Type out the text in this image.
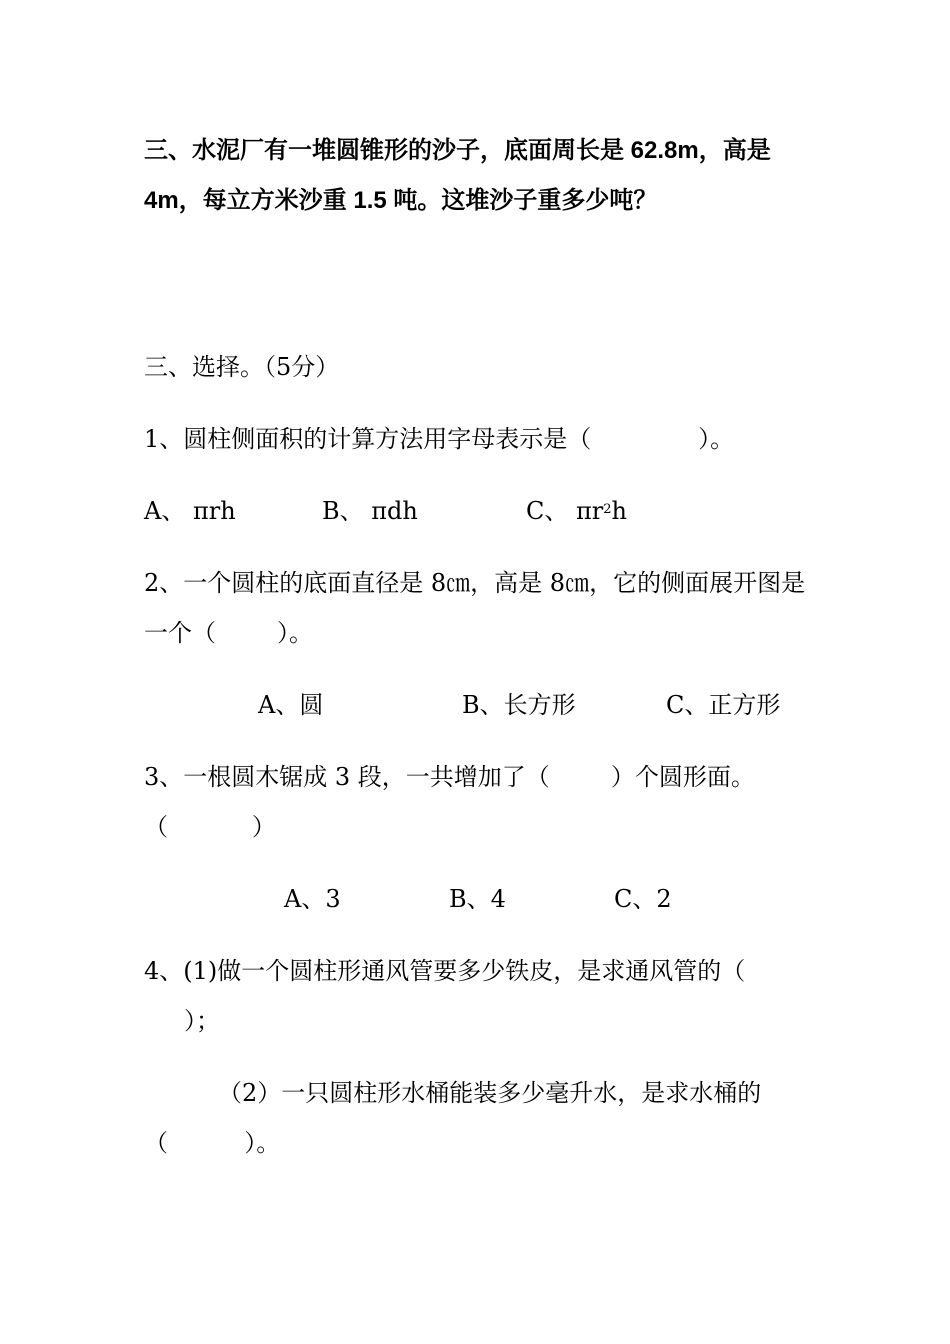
三、水泥厂有一堆圆锥形的沙子，底面周长是 62.8m，高是
4m，每立方米沙重 1.5 吨。这堆沙子重多少吨？
三、选择。（5分）
1、圆柱侧面积的计算方法用字母表示是（              ）。
A、 πrh	B、 πdh	C、 $\pi r^2h$
2、一个圆柱的底面直径是 8㎝，高是 8㎝，它的侧面展开图是
一个（        ）。
A、圆	B、长方形	C、正方形
3、一根圆木锯成 3 段，一共增加了（        ）个圆形面。
（           ）
A、3	B、4	C、2
4、(1)做一个圆柱形通风管要多少铁皮，是求通风管的（
）；
（2）一只圆柱形水桶能装多少毫升水，是求水桶的
（          ）。
